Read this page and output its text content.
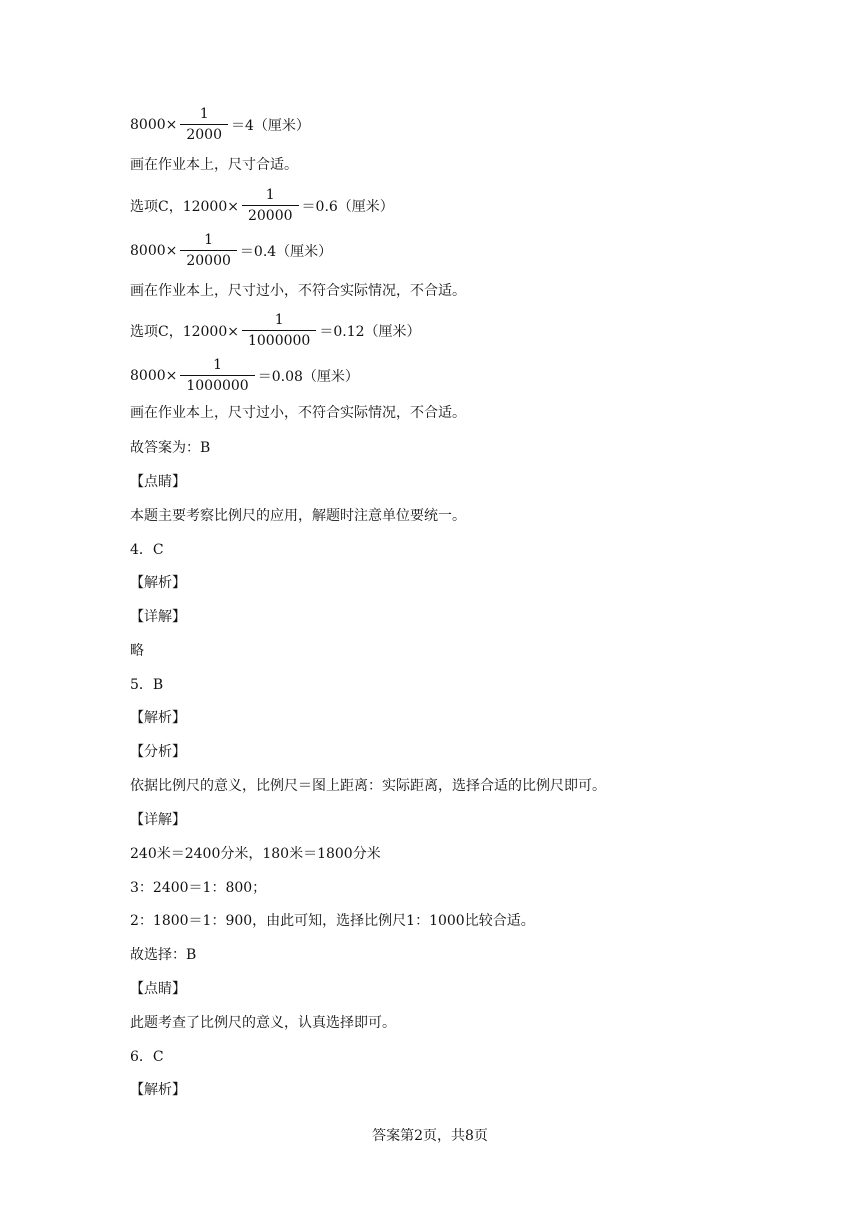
$8000\times \frac{1}{2000} =4$（厘米）
画在作业本上，尺寸合适。
选项C，$12000\times \frac{1}{20000} =0.6$（厘米）
$8000\times \frac{1}{20000} =0.4$（厘米）
画在作业本上，尺寸过小，不符合实际情况，不合适。
选项C，$12000\times \frac{1}{1000000} =0.12$（厘米）
$8000\times \frac{1}{1000000} =0.08$（厘米）
画在作业本上，尺寸过小，不符合实际情况，不合适。
故答案为：B
【点睛】
本题主要考察比例尺的应用，解题时注意单位要统一。
4．C
【解析】
【详解】
略
5．B
【解析】
【分析】
依据比例尺的意义，比例尺＝图上距离：实际距离，选择合适的比例尺即可。
【详解】
240米＝2400分米，180米＝1800分米
3：2400＝1：800；
2：1800＝1：900，由此可知，选择比例尺1：1000比较合适。
故选择：B
【点睛】
此题考查了比例尺的意义，认真选择即可。
6．C
【解析】
答案第2页，共8页
